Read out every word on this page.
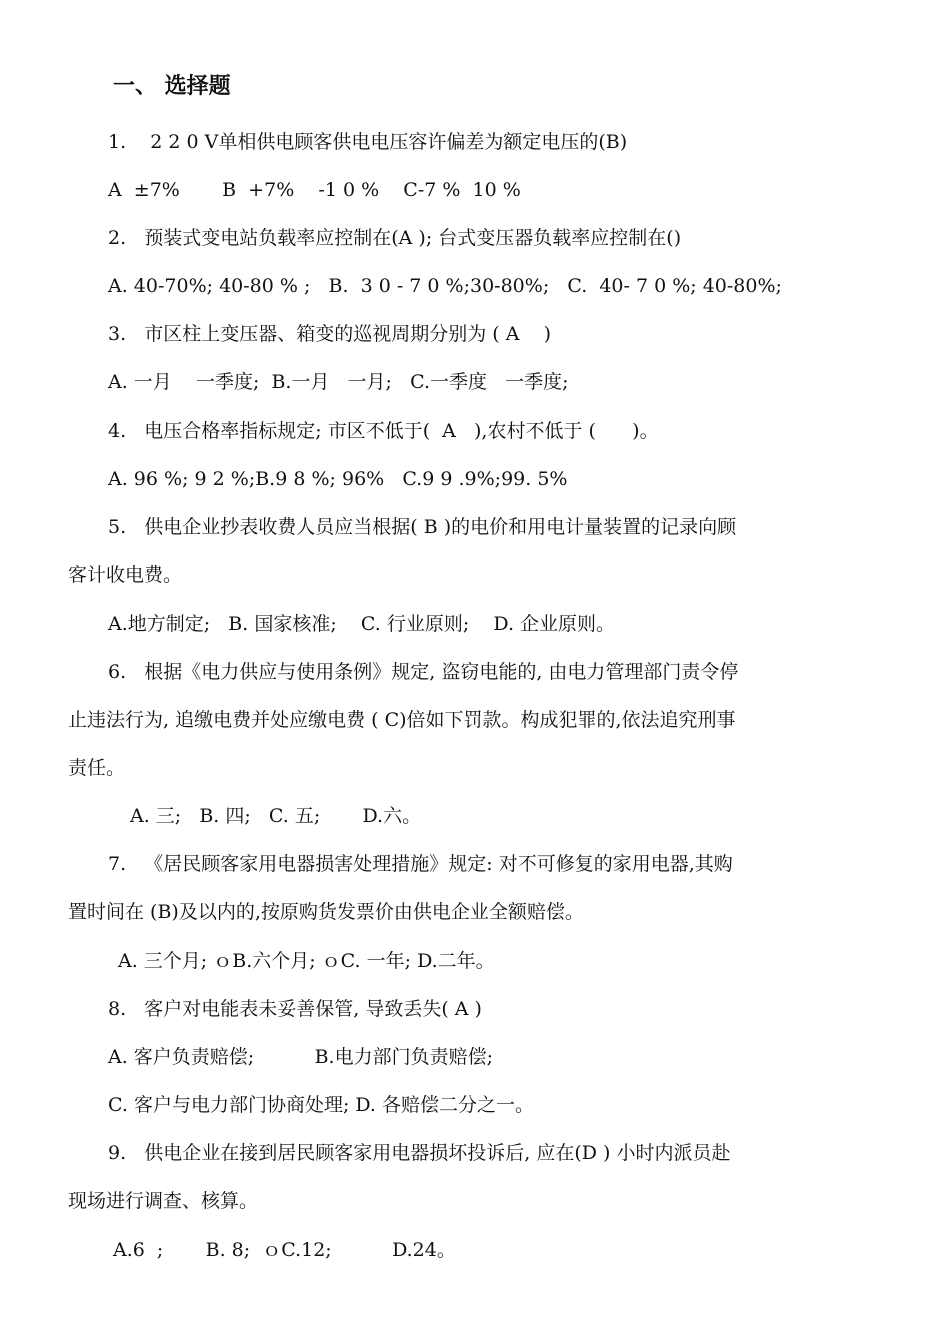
一、 选择题
1.    2 2 0 V单相供电顾客供电电压容许偏差为额定电压的(B)
A  ±7%       B  +7%    -1 0 %    C-7 %  10 %
2.   预装式变电站负载率应控制在(A ); 台式变压器负载率应控制在()
A. 40-70%; 40-80 % ;   B.  3 0 - 7 0 %;30-80%;   C.  40- 7 0 %; 40-80%;
3.   市区柱上变压器、箱变的巡视周期分别为 ( A    )
A. 一月    一季度;  B.一月   一月;   C.一季度   一季度;
4.   电压合格率指标规定; 市区不低于(  A   ),农村不低于 (      )。
A. 96 %; 9 2 %;B.9 8 %; 96%   C.9 9 .9%;99. 5%
5.   供电企业抄表收费人员应当根据( B )的电价和用电计量装置的记录向顾
客计收电费。
A.地方制定;   B. 国家核准;    C. 行业原则;    D. 企业原则。
6.   根据《电力供应与使用条例》规定, 盗窃电能的, 由电力管理部门责令停
止违法行为, 追缴电费并处应缴电费 ( C)倍如下罚款。构成犯罪的,依法追究刑事
责任。
A. 三;   B. 四;   C. 五;       D.六。
7.   《居民顾客家用电器损害处理措施》规定: 对不可修复的家用电器,其购
置时间在 (B)及以内的,按原购货发票价由供电企业全额赔偿。
A. 三个月; ｏB.六个月; ｏC. 一年; D.二年。
8.   客户对电能表未妥善保管, 导致丢失( A )
A. 客户负责赔偿;          B.电力部门负责赔偿;
C. 客户与电力部门协商处理; D. 各赔偿二分之一。
9.   供电企业在接到居民顾客家用电器损坏投诉后, 应在(D ) 小时内派员赴
现场进行调查、核算。
A.6  ;       B. 8;  ｏC.12;          D.24。
